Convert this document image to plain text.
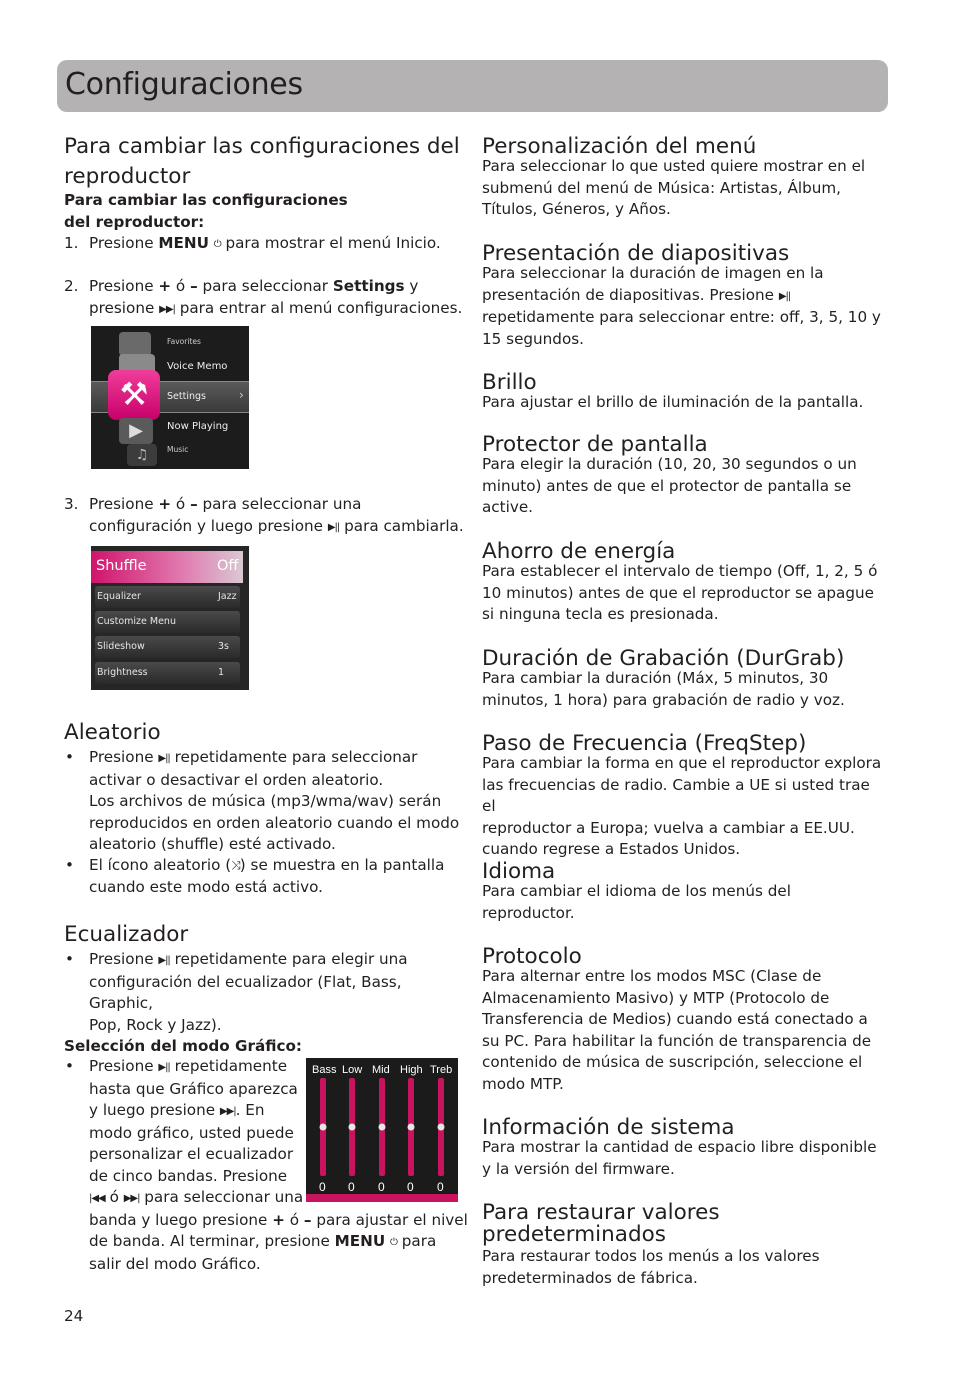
Configuraciones
Para cambiar las configuraciones del reproductor
Para cambiar las configuraciones del reproductor:
1. Presione MENU ⏻ para mostrar el menú Inicio.
2. Presione + ó – para seleccionar Settings y
presione ▶▶| para entrar al menú configuraciones.
⚒
▶
♫
Favorites
Voice Memo
Settings	›
Now Playing
Music
3. Presione + ó – para seleccionar una
configuración y luego presione ▶|| para cambiarla.
Shuffle	Off
Equalizer	Jazz
Customize Menu
Slideshow	3s
Brightness	1
Aleatorio
• Presione ▶|| repetidamente para seleccionar
activar o desactivar el orden aleatorio.
Los archivos de música (mp3/wma/wav) serán
reproducidos en orden aleatorio cuando el modo
aleatorio (shuffle) esté activado.
• El ícono aleatorio (⤨) se muestra en la pantalla
cuando este modo está activo.
Ecualizador
• Presione ▶|| repetidamente para elegir una
configuración del ecualizador (Flat, Bass, Graphic,
Pop, Rock y Jazz).
Selección del modo Gráfico:
• Presione ▶|| repetidamente
hasta que Gráfico aparezca
y luego presione ▶▶|. En
modo gráfico, usted puede
personalizar el ecualizador
de cinco bandas. Presione
|◀◀ ó ▶▶| para seleccionar una
banda y luego presione + ó – para ajustar el nivel
de banda. Al terminar, presione MENU ⏻ para
salir del modo Gráfico.
Bass Low Mid High Treb
0 0 0 0 0
Personalización del menú
Para seleccionar lo que usted quiere mostrar en el
submenú del menú de Música: Artistas, Álbum,
Títulos, Géneros, y Años.
Presentación de diapositivas
Para seleccionar la duración de imagen en la
presentación de diapositivas. Presione ▶||
repetidamente para seleccionar entre: off, 3, 5, 10 y
15 segundos.
Brillo
Para ajustar el brillo de iluminación de la pantalla.
Protector de pantalla
Para elegir la duración (10, 20, 30 segundos o un
minuto) antes de que el protector de pantalla se
active.
Ahorro de energía
Para establecer el intervalo de tiempo (Off, 1, 2, 5 ó
10 minutos) antes de que el reproductor se apague
si ninguna tecla es presionada.
Duración de Grabación (DurGrab)
Para cambiar la duración (Máx, 5 minutos, 30
minutos, 1 hora) para grabación de radio y voz.
Paso de Frecuencia (FreqStep)
Para cambiar la forma en que el reproductor explora
las frecuencias de radio. Cambie a UE si usted trae el
reproductor a Europa; vuelva a cambiar a EE.UU.
cuando regrese a Estados Unidos.
Idioma
Para cambiar el idioma de los menús del
reproductor.
Protocolo
Para alternar entre los modos MSC (Clase de
Almacenamiento Masivo) y MTP (Protocolo de
Transferencia de Medios) cuando está conectado a
su PC. Para habilitar la función de transparencia de
contenido de música de suscripción, seleccione el
modo MTP.
Información de sistema
Para mostrar la cantidad de espacio libre disponible
y la versión del firmware.
Para restaurar valores
predeterminados
Para restaurar todos los menús a los valores
predeterminados de fábrica.
24
